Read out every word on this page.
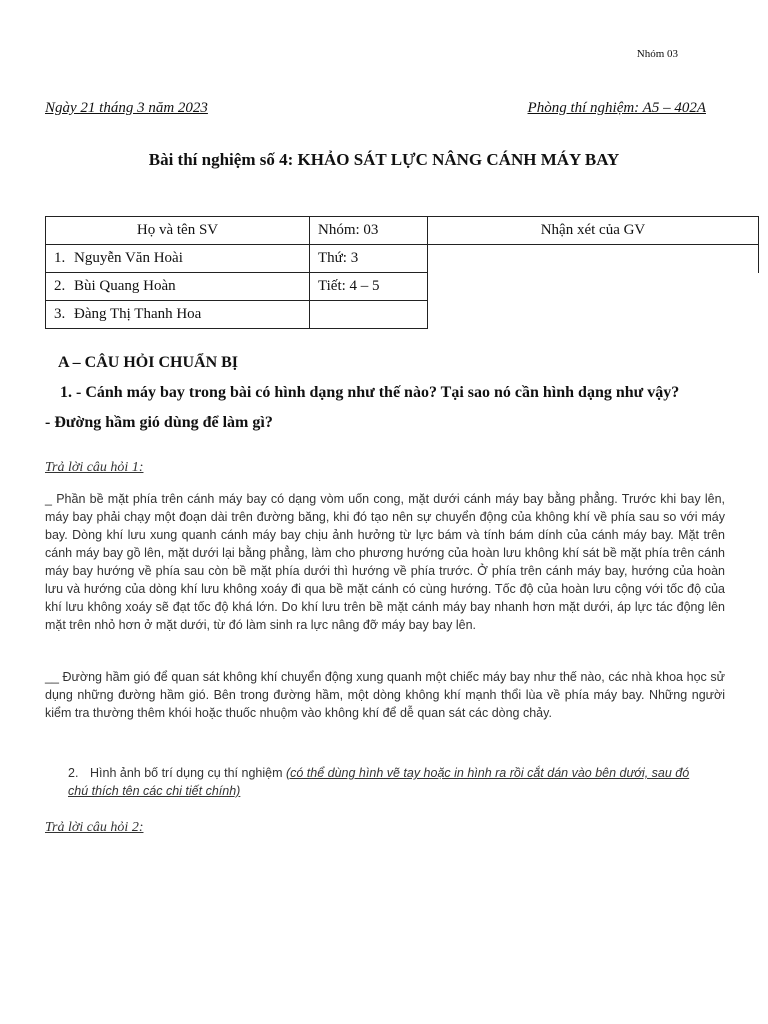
Nhóm 03
Ngày 21 tháng 3 năm 2023	Phòng thí nghiệm: A5 – 402A
Bài thí nghiệm số 4: KHẢO SÁT LỰC NÂNG CÁNH MÁY BAY
Họ và tên SV	Nhóm: 03	Nhận xét của GV
1. Nguyễn Văn Hoài	Thứ: 3	
2. Bùi Quang Hoàn	Tiết: 4 – 5	
3. Đàng Thị Thanh Hoa		
A – CÂU HỎI CHUẨN BỊ
1. - Cánh máy bay trong bài có hình dạng như thế nào? Tại sao nó cần hình dạng như vậy?
- Đường hầm gió dùng để làm gì?
Trả lời câu hỏi 1:
_ Phần bề mặt phía trên cánh máy bay có dạng vòm uốn cong, mặt dưới cánh máy bay bằng phẳng. Trước khi bay lên, máy bay phải chạy một đoạn dài trên đường băng, khi đó tạo nên sự chuyển động của không khí về phía sau so với máy bay. Dòng khí lưu xung quanh cánh máy bay chịu ảnh hưởng từ lực bám và tính bám dính của cánh máy bay. Mặt trên cánh máy bay gồ lên, mặt dưới lại bằng phẳng, làm cho phương hướng của hoàn lưu không khí sát bề mặt phía trên cánh máy bay hướng về phía sau còn bề mặt phía dưới thì hướng về phía trước. Ở phía trên cánh máy bay, hướng của hoàn lưu và hướng của dòng khí lưu không xoáy đi qua bề mặt cánh có cùng hướng. Tốc độ của hoàn lưu cộng với tốc độ của khí lưu không xoáy sẽ đạt tốc độ khá lớn. Do khí lưu trên bề mặt cánh máy bay nhanh hơn mặt dưới, áp lực tác động lên mặt trên nhỏ hơn ở mặt dưới, từ đó làm sinh ra lực nâng đỡ máy bay bay lên.
__ Đường hầm gió để quan sát không khí chuyển động xung quanh một chiếc máy bay như thế nào, các nhà khoa học sử dụng những đường hầm gió. Bên trong đường hầm, một dòng không khí mạnh thổi lùa về phía máy bay. Những người kiểm tra thường thêm khói hoặc thuốc nhuộm vào không khí để dễ quan sát các dòng chảy.
2. Hình ảnh bố trí dụng cụ thí nghiệm (có thể dùng hình vẽ tay hoặc in hình ra rồi cắt dán vào bên dưới, sau đó chú thích tên các chi tiết chính)
Trả lời câu hỏi 2:
